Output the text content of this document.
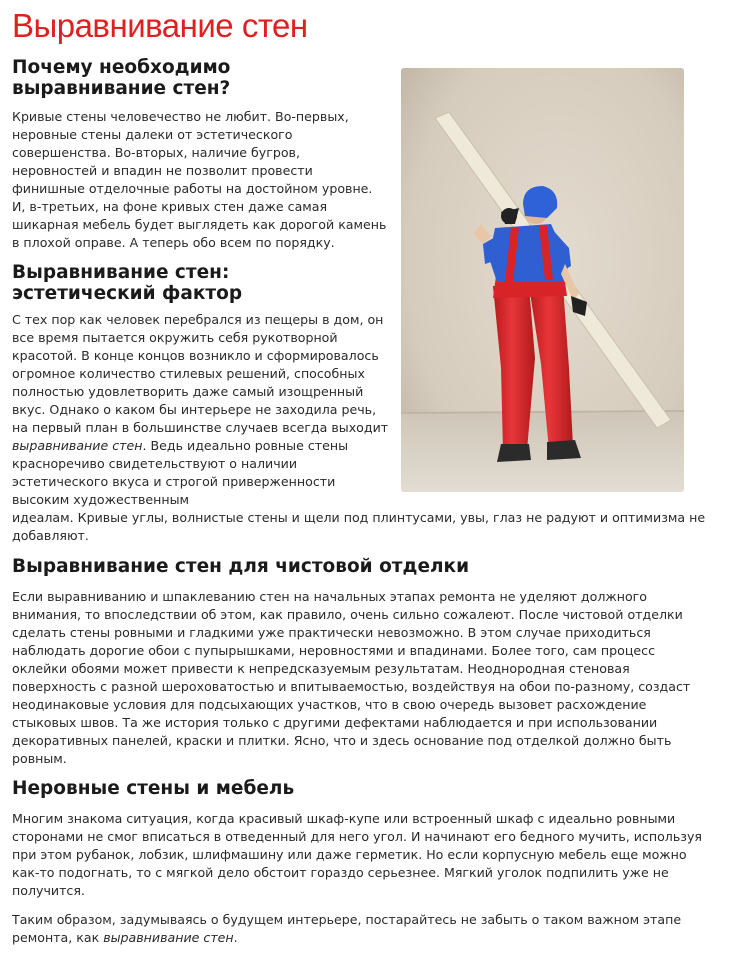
Выравнивание стен
Почему необходимо
выравнивание стен?

Кривые стены человечество не любит. Во-первых, неровные стены далеки от эстетического совершенства. Во-вторых, наличие бугров, неровностей и впадин не позволит провести финишные отделочные работы на достойном уровне. И, в-третьих, на фоне кривых стен даже самая шикарная мебель будет выглядеть как дорогой камень в плохой оправе. А теперь обо всем по порядку.

Выравнивание стен:
эстетический фактор

С тех пор как человек перебрался из пещеры в дом, он все время пытается окружить себя рукотворной красотой. В конце концов возникло и сформировалось огромное количество стилевых решений, способных полностью удовлетворить даже самый изощренный вкус. Однако о каком бы интерьере не заходила речь, на первый план в большинстве случаев всегда выходит выравнивание стен. Ведь идеально ровные стены красноречиво свидетельствуют о наличии эстетического вкуса и строгой приверженности высоким художественным

идеалам. Кривые углы, волнистые стены и щели под плинтусами, увы, глаз не радуют и оптимизма не добавляют.

Выравнивание стен для чистовой отделки

Если выравниванию и шпаклеванию стен на начальных этапах ремонта не уделяют должного внимания, то впоследствии об этом, как правило, очень сильно сожалеют. После чистовой отделки сделать стены ровными и гладкими уже практически невозможно. В этом случае приходиться наблюдать дорогие обои с пупырышками, неровностями и впадинами. Более того, сам процесс оклейки обоями может привести к непредсказуемым результатам. Неоднородная стеновая поверхность с разной шероховатостью и впитываемостью, воздействуя на обои по-разному, создаст неодинаковые условия для подсыхающих участков, что в свою очередь вызовет расхождение стыковых швов. Та же история только с другими дефектами наблюдается и при использовании декоративных панелей, краски и плитки. Ясно, что и здесь основание под отделкой должно быть ровным.

Неровные стены и мебель

Многим знакома ситуация, когда красивый шкаф-купе или встроенный шкаф с идеально ровными сторонами не смог вписаться в отведенный для него угол. И начинают его бедного мучить, используя при этом рубанок, лобзик, шлифмашину или даже герметик. Но если корпусную мебель еще можно как-то подогнать, то с мягкой дело обстоит гораздо серьезнее. Мягкий уголок подпилить уже не получится.

Таким образом, задумываясь о будущем интерьере, постарайтесь не забыть о таком важном этапе ремонта, как выравнивание стен.
